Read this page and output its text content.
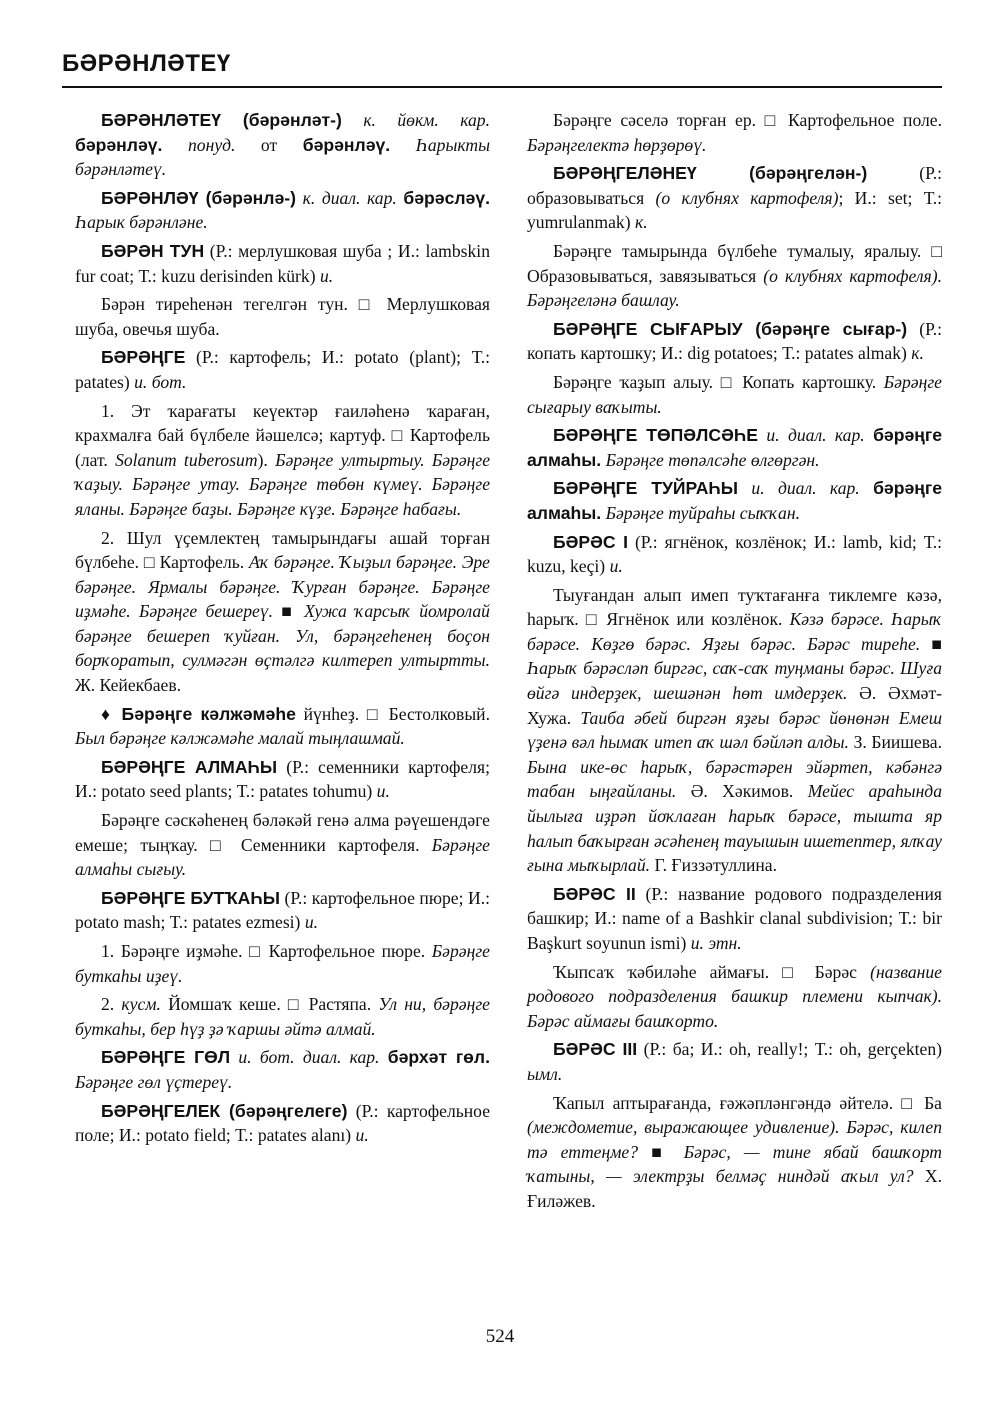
БӘРӘНЛӘТЕҮ

БӘРӘНЛӘТЕҮ (бәрәнләт-) к. йөкм. кар. бәрәнләү. понуд. от бәрәнләү. Һарыкты бәрәнләтеү.

БӘРӘНЛӘҮ (бәрәнлә-) к. диал. кар. бәрәсләү. Һарык бәрәнләне.

БӘРӘН ТУН (Р.: мерлушковая шуба ; И.: lambskin fur coat; Т.: kuzu derisinden kürk) и.

Бәрән тиреһенән тегелгән тун. □ Мерлушковая шуба, овечья шуба.

БӘРӘҢГЕ (Р.: картофель; И.: potato (plant); Т.: patates) и. бот.

1. Эт ҡарағаты кеүектәр ғаиләһенә ҡараған, крахмалға бай бүлбеле йәшелсә; картуф. □ Картофель (лат. Solanum tuberosum). Бәрәңге ултыртыу. Бәрәңге ҡаҙыу. Бәрәңге утау. Бәрәңге төбөн күмеү. Бәрәңге яланы. Бәрәңге баҙы. Бәрәңге күҙе. Бәрәңге һабағы.

2. Шул үҫемлектең тамырындағы ашай торған бүлбеһе. □ Картофель. Аҡ бәрәңге. Ҡыҙыл бәрәңге. Эре бәрәңге. Ярмалы бәрәңге. Ҡурған бәрәңге. Бәрәңге иҙмәһе. Бәрәңге бешереү. ■ Хужа ҡарсыҡ йомролай бәрәңге бешереп ҡуйған. Ул, бәрәңгеһенең боҫон борҡоратып, сулмәгән өҫтәлгә килтереп ултыртты. Ж. Кейекбаев.

♦ Бәрәңге кәлжәмәһе йүнһеҙ. □ Бестолковый. Был бәрәңге кәлжәмәһе малай тыңлашмай.

БӘРӘҢГЕ АЛМАҺЫ (Р.: семенники картофеля; И.: potato seed plants; Т.: patates tohumu) и.

Бәрәңге сәскәһенең бәләкәй генә алма рәүешендәге емеше; тыңҡау. □ Семенники картофеля. Бәрәңге алмаһы сығыу.

БӘРӘҢГЕ БУТҠАҺЫ (Р.: картофельное пюре; И.: potato mash; Т.: patates ezmesi) и.

1. Бәрәңге иҙмәһе. □ Картофельное пюре. Бәрәңге буткаһы иҙеү.

2. кусм. Йомшаҡ кеше. □ Растяпа. Ул ни, бәрәңге буткаһы, бер һүҙ ҙә ҡаршы әйтә алмай.

БӘРӘҢГЕ ГӨЛ и. бот. диал. кар. бәрхәт гөл. Бәрәңге гөл үҫтереү.

БӘРӘҢГЕЛЕК (бәрәңгелеге) (Р.: картофельное поле; И.: potato field; Т.: patates alanı) и.

Бәрәңге сәселә торған ер. □ Картофельное поле. Бәрәңгелектә һөрҙөрөү.

БӘРӘҢГЕЛӘНЕҮ (бәрәңгелән-) (Р.: образовываться (о клубнях картофеля); И.: set; Т.: yumrulanmak) к.

Бәрәңге тамырында бүлбеһе тумалыу, яралыу. □ Образовываться, завязываться (о клубнях картофеля). Бәрәңгеләнә башлау.

БӘРӘҢГЕ СЫҒАРЫУ (бәрәңге сығар-) (Р.: копать картошку; И.: dig potatoes; Т.: patates almak) к.

Бәрәңге ҡаҙып алыу. □ Копать картошку. Бәрәңге сығарыу ваҡыты.

БӘРӘҢГЕ ТӨПӘЛСӘҺЕ и. диал. кар. бәрәңге алмаһы. Бәрәңге төпәлсәһе өлгөргән.

БӘРӘҢГЕ ТУЙРАҺЫ и. диал. кар. бәрәңге алмаһы. Бәрәңге туйраһы сыҡҡан.

БӘРӘС I (Р.: ягнёнок, козлёнок; И.: lamb, kid; Т.: kuzu, keçi) и.

Тыуғандан алып имеп туҡтағанға тиклемге кәзә, һарыҡ. □ Ягнёнок или козлёнок. Кәзә бәрәсе. Һарыҡ бәрәсе. Көҙгө бәрәс. Яҙғы бәрәс. Бәрәс тиреһе. ■ Һарыҡ бәрәсләп биргәс, саҡ-саҡ туңманы бәрәс. Шуға өйгә индерҙек, шешәнән һөт имдерҙек. Ә. Әхмәт-Хужа. Таиба әбей биргән яҙғы бәрәс йөнөнән Емеш үҙенә вәл һымаҡ итеп аҡ шәл бәйләп алды. З. Биишева. Бына ике-өс һарыҡ, бәрәстәрен эйәртеп, кәбәнгә табан ыңғайланы. Ә. Хәкимов. Мейес араһында йылыға иҙрәп йоҡлаған һарыҡ бәрәсе, тышта яр һалып баҡырған әсәһенең тауышын ишетептер, ялҡау ғына мыҡырлай. Г. Ғиззәтуллина.

БӘРӘС II (Р.: название родового подразделения башкир; И.: name of a Bashkir clanal subdivision; Т.: bir Başkurt soyunun ismi) и. этн.

Ҡыпсаҡ ҡәбиләһе аймағы. □ Бәрәс (название родового подразделения башкир племени кыпчак). Бәрәс аймағы башҡорто.

БӘРӘС III (Р.: ба; И.: oh, really!; Т.: oh, gerçekten) ымл.

Ҡапыл аптырағанда, ғәжәпләнгәндә әйтелә. □ Ба (междометие, выражающее удивление). Бәрәс, килеп тә еттеңме? ■ Бәрәс, — тине ябай башҡорт ҡатыны, — электрҙы белмәҫ ниндәй аҡыл ул? Х. Ғиләжев.

524
